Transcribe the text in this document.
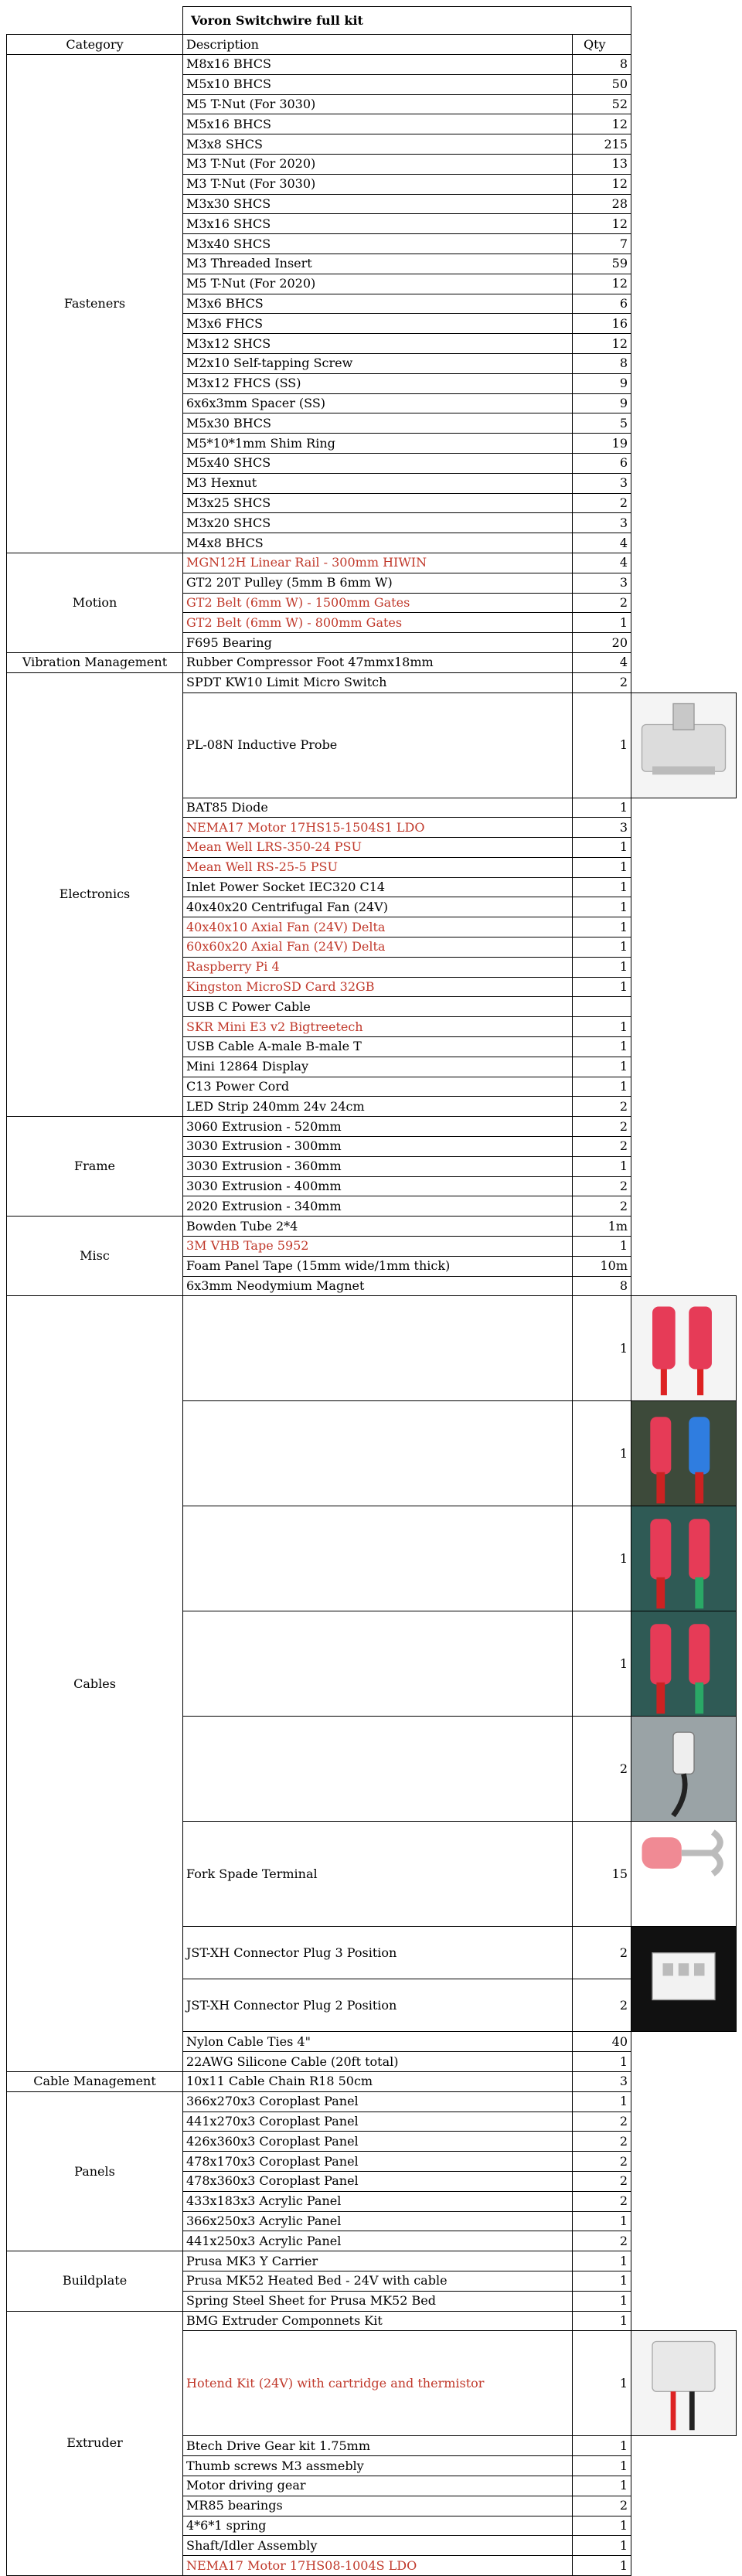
	Voron Switchwire full kit		
Category	Description	Qty	
Fasteners	M8x16 BHCS	8	
	M5x10 BHCS	50	
	M5 T-Nut (For 3030)	52	
	M5x16 BHCS	12	
	M3x8 SHCS	215	
	M3 T-Nut (For 2020)	13	
	M3 T-Nut (For 3030)	12	
	M3x30 SHCS	28	
	M3x16 SHCS	12	
	M3x40 SHCS	7	
	M3 Threaded Insert	59	
	M5 T-Nut (For 2020)	12	
	M3x6 BHCS	6	
	M3x6 FHCS	16	
	M3x12 SHCS	12	
	M2x10 Self-tapping Screw	8	
	M3x12 FHCS (SS)	9	
	6x6x3mm Spacer (SS)	9	
	M5x30 BHCS	5	
	M5*10*1mm Shim Ring	19	
	M5x40 SHCS	6	
	M3 Hexnut	3	
	M3x25 SHCS	2	
	M3x20 SHCS	3	
	M4x8 BHCS	4	
Motion	MGN12H Linear Rail - 300mm HIWIN	4	
	GT2 20T Pulley (5mm B 6mm W)	3	
	GT2 Belt (6mm W) - 1500mm Gates	2	
	GT2 Belt (6mm W) - 800mm Gates	1	
	F695 Bearing	20	
Vibration Management	Rubber Compressor Foot 47mmx18mm	4	
Electronics	SPDT KW10 Limit Micro Switch	2	
	PL-08N Inductive Probe	1	

	BAT85 Diode	1	
	NEMA17 Motor 17HS15-1504S1 LDO	3	
	Mean Well LRS-350-24 PSU	1	
	Mean Well RS-25-5 PSU	1	
	Inlet Power Socket IEC320 C14	1	
	40x40x20 Centrifugal Fan (24V)	1	
	40x40x10 Axial Fan (24V) Delta	1	
	60x60x20 Axial Fan (24V) Delta	1	
	Raspberry Pi 4	1	
	Kingston MicroSD Card 32GB	1	
	USB C Power Cable		
	SKR Mini E3 v2 Bigtreetech	1	
	USB Cable A-male B-male T	1	
	Mini 12864 Display	1	
	C13 Power Cord	1	
	LED Strip 240mm 24v 24cm	2	
Frame	3060 Extrusion - 520mm	2	
	3030 Extrusion - 300mm	2	
	3030 Extrusion - 360mm	1	
	3030 Extrusion - 400mm	2	
	2020 Extrusion - 340mm	2	
Misc	Bowden Tube 2*4	1m	
	3M VHB Tape 5952	1	
	Foam Panel Tape (15mm wide/1mm thick)	10m	
	6x3mm Neodymium Magnet	8	
Cables		1	

		1	

		1	

		1	

		2	

	Fork Spade Terminal	15	

	JST-XH Connector Plug 3 Position	2	

	JST-XH Connector Plug 2 Position	2	
	Nylon Cable Ties 4"	40	
	22AWG Silicone Cable (20ft total)	1	
Cable Management	10x11 Cable Chain R18 50cm	3	
Panels	366x270x3 Coroplast Panel	1	
	441x270x3 Coroplast Panel	2	
	426x360x3 Coroplast Panel	2	
	478x170x3 Coroplast Panel	2	
	478x360x3 Coroplast Panel	2	
	433x183x3 Acrylic Panel	2	
	366x250x3 Acrylic Panel	1	
	441x250x3 Acrylic Panel	2	
Buildplate	Prusa MK3 Y Carrier	1	
	Prusa MK52 Heated Bed - 24V with cable	1	
	Spring Steel Sheet for Prusa MK52 Bed	1	
Extruder	BMG Extruder Componnets Kit	1	
	Hotend Kit (24V) with cartridge and thermistor	1	

	Btech Drive Gear kit 1.75mm	1	
	Thumb screws M3 assmebly	1	
	Motor driving gear	1	
	MR85 bearings	2	
	4*6*1 spring	1	
	Shaft/Idler Assembly	1	
	NEMA17 Motor 17HS08-1004S LDO	1	
